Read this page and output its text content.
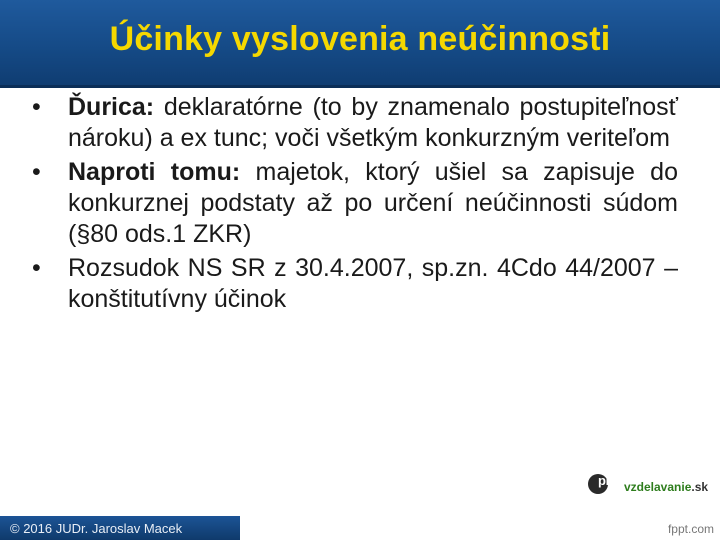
Účinky vyslovenia neúčinnosti
• Ďurica: deklaratórne (to by znamenalo postupiteľnosť nároku) a ex tunc; voči všetkým konkurzným veriteľom
• Naproti tomu: majetok, ktorý ušiel sa zapisuje do konkurznej podstaty až po určení neúčinnosti súdom (§80 ods.1 ZKR)
• Rozsudok NS SR z 30.4.2007, sp.zn. 4Cdo 44/2007 – konštitutívny účinok
profi
vzdelavanie.sk
© 2016 JUDr. Jaroslav Macek	fppt.com
